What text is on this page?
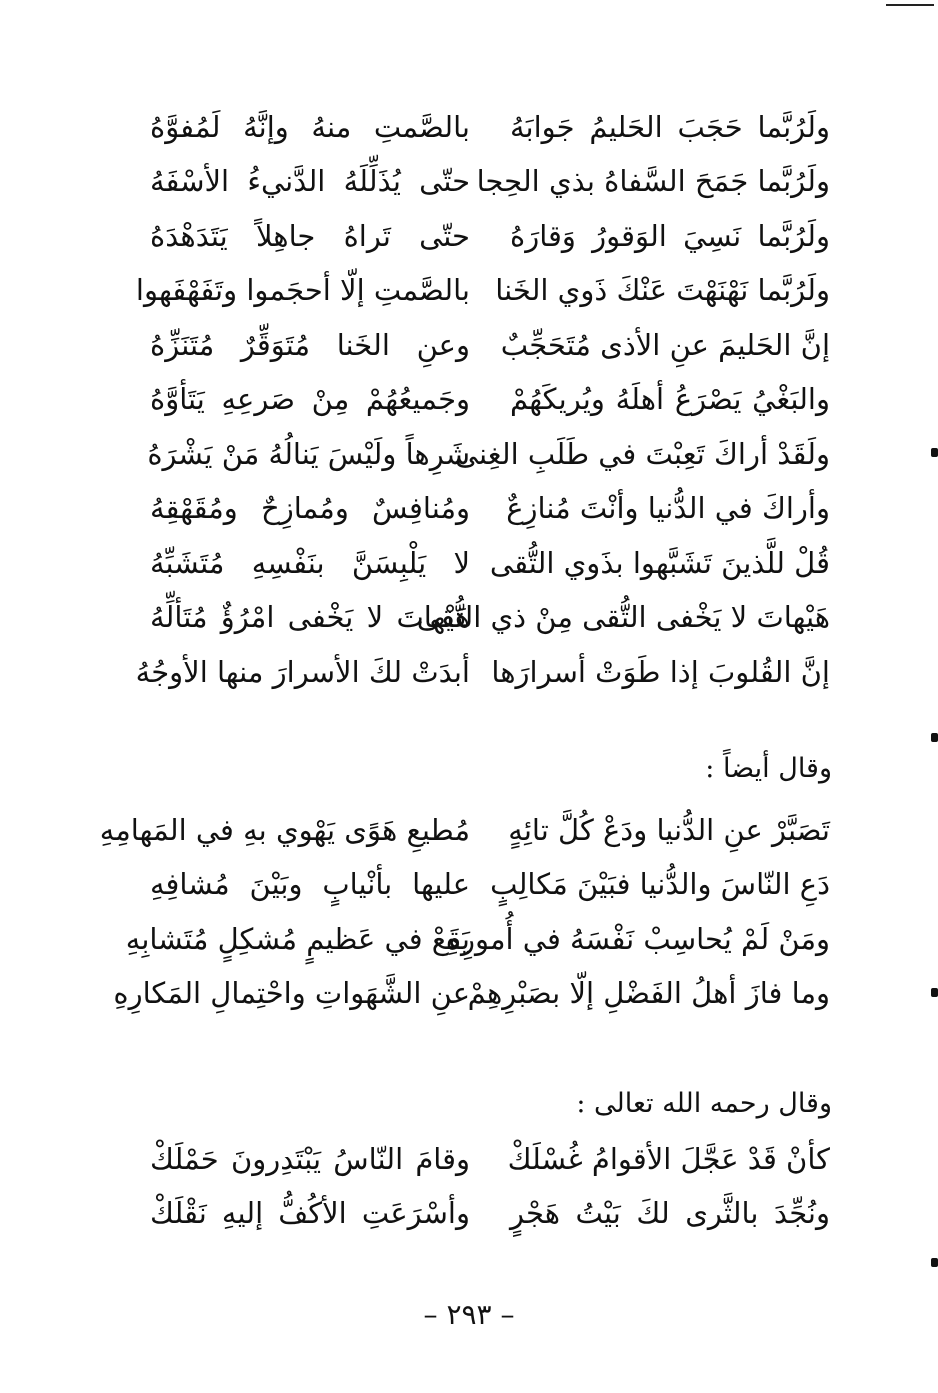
ولَرُبَّما حَجَبَ الحَليمُ جَوابَهُ
بالصَّمتِ منهُ وإنَّهُ لَمُفوَّهُ
ولَرُبَّما جَمَحَ السَّفاهُ بذي الحِجا
حتّى يُذَلِّلَهُ الدَّنيءُ الأسْفَهُ
ولَرُبَّما نَسِيَ الوَقورُ وَقارَهُ
حتّى تَراهُ جاهِلاً يَتَدَهْدَهُ
ولَرُبَّما نَهْنَهْتَ عَنْكَ ذَوي الخَنا
بالصَّمتِ إلّا أحجَموا وتَفَهْفَهوا
إنَّ الحَليمَ عنِ الأذى مُتَحَجِّبٌ
وعنِ الخَنا مُتَوَقِّرٌ مُتَنَزِّهُ
والبَغْيُ يَصْرَعُ أهلَهُ ويُريكَهُمْ
وجَميعُهُمْ مِنْ صَرعِهِ يَتَأوَّهُ
ولَقَدْ أراكَ تَعِبْتَ في طَلَبِ الغِنى
شَرِهاً ولَيْسَ يَنالُهُ مَنْ يَشْرَهُ
وأراكَ في الدُّنيا وأنْتَ مُنازِعٌ
ومُنافِسٌ ومُمازِحٌ ومُقَهْقِهُ
قُلْ للَّذينَ تَشَبَّهوا بذَوي التُّقى
لا يَلْبِسَنَّ بنَفْسِهِ مُتَشَبِّهُ
هَيْهاتَ لا يَخْفى التُّقى مِنْ ذي التُّقى
هَيْهاتَ لا يَخْفى امْرُؤٌ مُتَألِّهُ
إنَّ القُلوبَ إذا طَوَتْ أسرارَها
أبدَتْ لكَ الأسرارَ منها الأوجُهُ
وقال أيضاً :
تَصَبَّرْ عنِ الدُّنيا ودَعْ كُلَّ تائِهٍ
مُطيعِ هَوًى يَهْوي بهِ في المَهامِهِ
دَعِ النّاسَ والدُّنيا فبَيْنَ مَكالِبٍ
عليها بأنْيابٍ وبَيْنَ مُشافِهِ
ومَنْ لَمْ يُحاسِبْ نَفْسَهُ في أُمورِهِ
يَقَعْ في عَظيمٍ مُشكِلٍ مُتَشابِهِ
وما فازَ أهلُ الفَضْلِ إلّا بصَبْرِهِمْ
عنِ الشَّهَواتِ واحْتِمالِ المَكارِهِ
وقال رحمه الله تعالى :
كأنْ قَدْ عَجَّلَ الأقوامُ غُسْلَكْ
وقامَ النّاسُ يَبْتَدِرونَ حَمْلَكْ
ونُجِّدَ بالثَّرى لكَ بَيْتُ هَجْرٍ
وأسْرَعَتِ الأكُفُّ إليهِ نَقْلَكْ
– ٢٩٣ –
